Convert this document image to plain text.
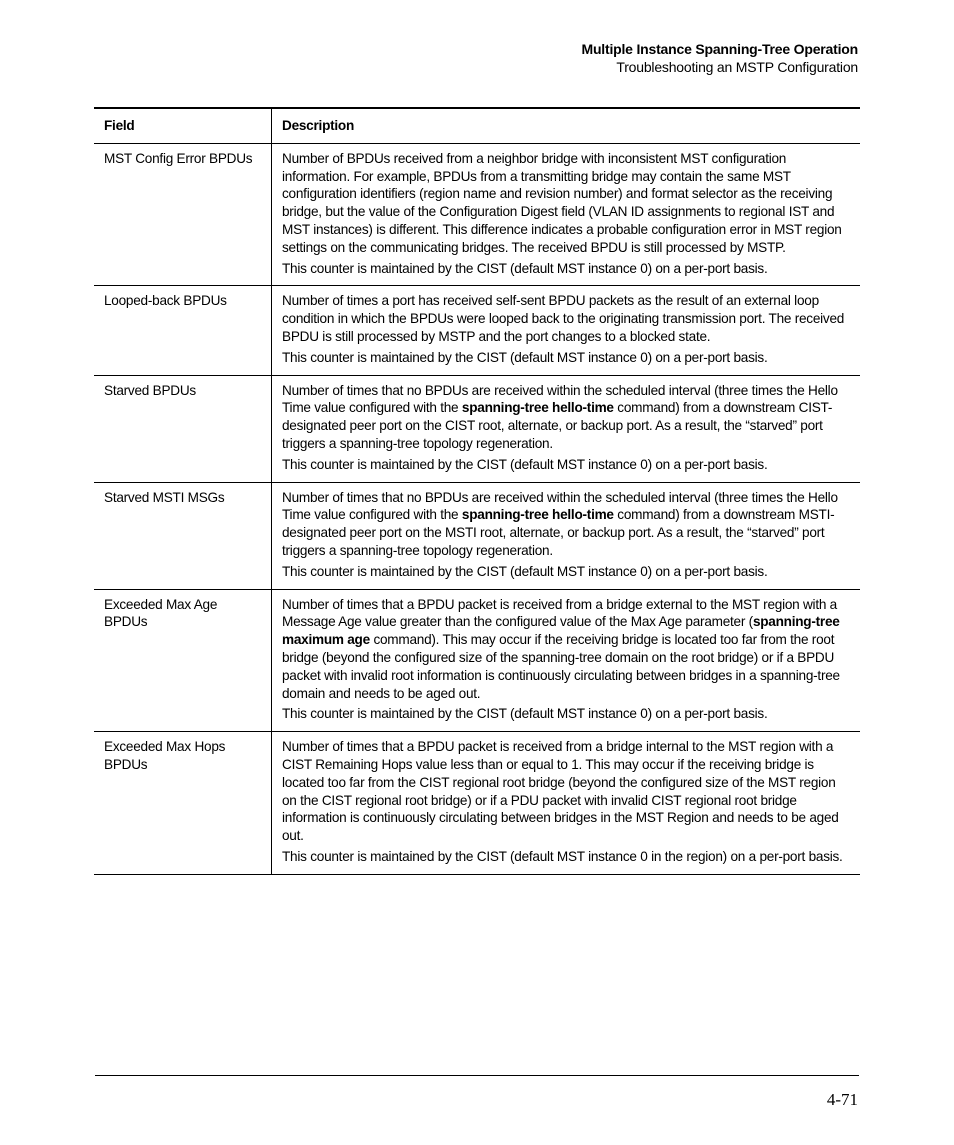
Multiple Instance Spanning-Tree Operation
Troubleshooting an MSTP Configuration
Field	Description
MST Config Error BPDUs	Number of BPDUs received from a neighbor bridge with inconsistent MST configuration information. For example, BPDUs from a transmitting bridge may contain the same MST configuration identifiers (region name and revision number) and format selector as the receiving bridge, but the value of the Configuration Digest field (VLAN ID assignments to regional IST and MST instances) is different. This difference indicates a probable configuration error in MST region settings on the communicating bridges. The received BPDU is still processed by MSTP.

This counter is maintained by the CIST (default MST instance 0) on a per-port basis.

Looped-back BPDUs	Number of times a port has received self-sent BPDU packets as the result of an external loop condition in which the BPDUs were looped back to the originating transmission port. The received BPDU is still processed by MSTP and the port changes to a blocked state.

This counter is maintained by the CIST (default MST instance 0) on a per-port basis.

Starved BPDUs	Number of times that no BPDUs are received within the scheduled interval (three times the Hello Time value configured with the spanning-tree hello-time command) from a downstream CIST-designated peer port on the CIST root, alternate, or backup port. As a result, the “starved” port triggers a spanning-tree topology regeneration.

This counter is maintained by the CIST (default MST instance 0) on a per-port basis.

Starved MSTI MSGs	Number of times that no BPDUs are received within the scheduled interval (three times the Hello Time value configured with the spanning-tree hello-time command) from a downstream MSTI-designated peer port on the MSTI root, alternate, or backup port. As a result, the “starved” port triggers a spanning-tree topology regeneration.

This counter is maintained by the CIST (default MST instance 0) on a per-port basis.

Exceeded Max Age BPDUs	Number of times that a BPDU packet is received from a bridge external to the MST region with a Message Age value greater than the configured value of the Max Age parameter (spanning-tree maximum age command). This may occur if the receiving bridge is located too far from the root bridge (beyond the configured size of the spanning-tree domain on the root bridge) or if a BPDU packet with invalid root information is continuously circulating between bridges in a spanning-tree domain and needs to be aged out.

This counter is maintained by the CIST (default MST instance 0) on a per-port basis.

Exceeded Max Hops BPDUs	Number of times that a BPDU packet is received from a bridge internal to the MST region with a CIST Remaining Hops value less than or equal to 1. This may occur if the receiving bridge is located too far from the CIST regional root bridge (beyond the configured size of the MST region on the CIST regional root bridge) or if a PDU packet with invalid CIST regional root bridge information is continuously circulating between bridges in the MST Region and needs to be aged out.

This counter is maintained by the CIST (default MST instance 0 in the region) on a per-port basis.

4-71
